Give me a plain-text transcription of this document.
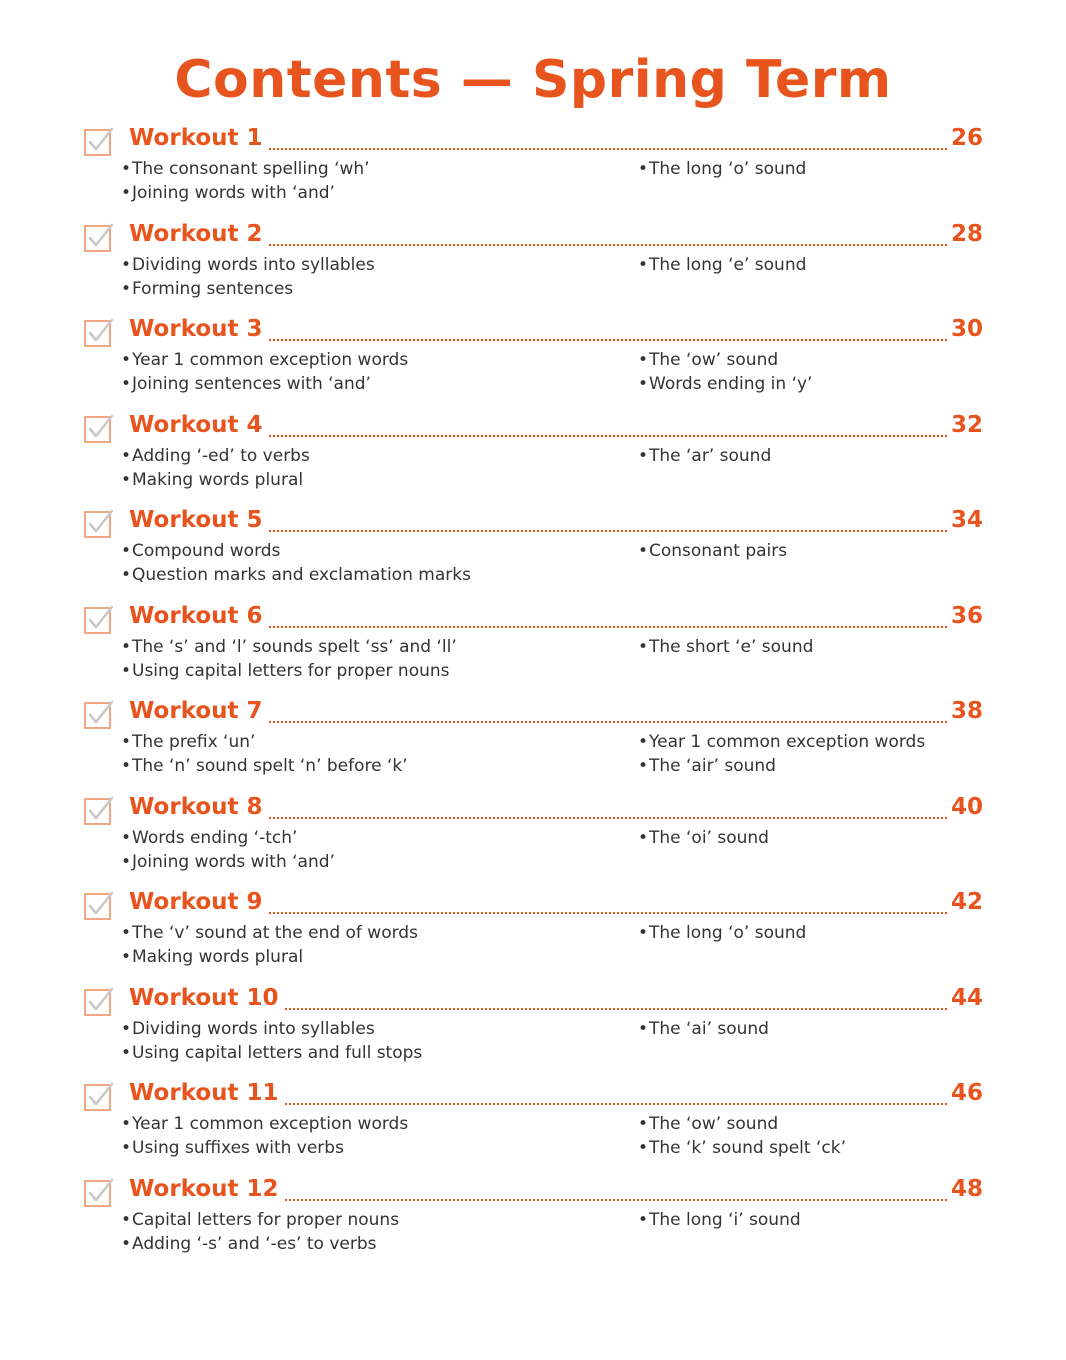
Contents — Spring Term
Workout 1	26
•The consonant spelling ‘wh’
•Joining words with ‘and’
•The long ‘o’ sound
Workout 2	28
•Dividing words into syllables
•Forming sentences
•The long ‘e’ sound
Workout 3	30
•Year 1 common exception words
•Joining sentences with ‘and’
•The ‘ow’ sound
•Words ending in ‘y’
Workout 4	32
•Adding ‘-ed’ to verbs
•Making words plural
•The ‘ar’ sound
Workout 5	34
•Compound words
•Question marks and exclamation marks
•Consonant pairs
Workout 6	36
•The ‘s’ and ‘l’ sounds spelt ‘ss’ and ‘ll’
•Using capital letters for proper nouns
•The short ‘e’ sound
Workout 7	38
•The prefix ‘un’
•The ‘n’ sound spelt ‘n’ before ‘k’
•Year 1 common exception words
•The ‘air’ sound
Workout 8	40
•Words ending ‘-tch’
•Joining words with ‘and’
•The ‘oi’ sound
Workout 9	42
•The ‘v’ sound at the end of words
•Making words plural
•The long ‘o’ sound
Workout 10	44
•Dividing words into syllables
•Using capital letters and full stops
•The ‘ai’ sound
Workout 11	46
•Year 1 common exception words
•Using suffixes with verbs
•The ‘ow’ sound
•The ‘k’ sound spelt ‘ck’
Workout 12	48
•Capital letters for proper nouns
•Adding ‘-s’ and ‘-es’ to verbs
•The long ‘i’ sound
